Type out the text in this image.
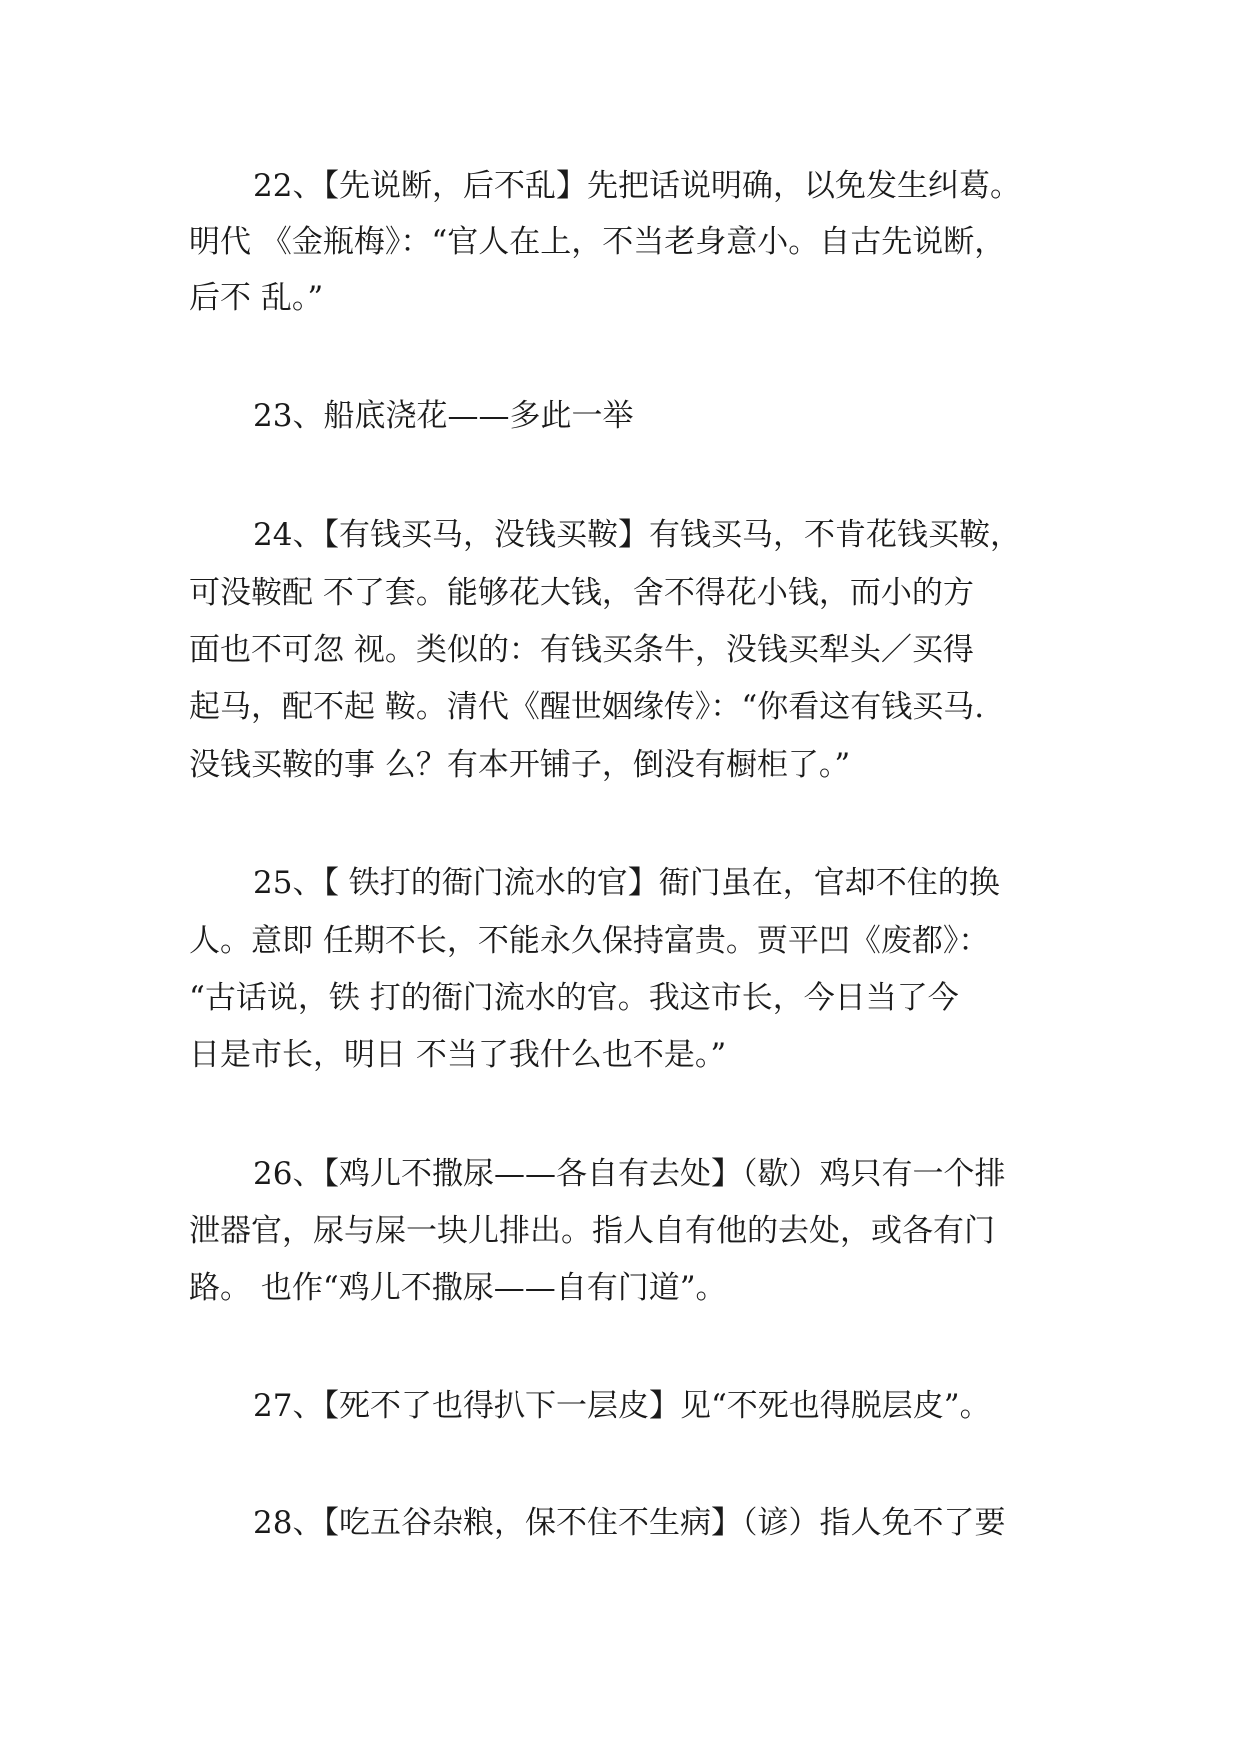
22、【先说断，后不乱】先把话说明确，以免发生纠葛。
明代 《金瓶梅》：“官人在上，不当老身意小。自古先说断，
后不 乱。”
23、船底浇花——多此一举
24、【有钱买马，没钱买鞍】有钱买马，不肯花钱买鞍，
可没鞍配 不了套。能够花大钱，舍不得花小钱，而小的方
面也不可忽 视。类似的：有钱买条牛，没钱买犁头／买得
起马，配不起 鞍。清代《醒世姻缘传》：“你看这有钱买马.
没钱买鞍的事 么？有本开铺子，倒没有橱柜了。”
25、【 铁打的衙门流水的官】衙门虽在，官却不住的换
人。意即 任期不长，不能永久保持富贵。贾平凹《废都》：
“古话说，铁 打的衙门流水的官。我这市长，今日当了今
日是市长，明日 不当了我什么也不是。”
26、【鸡儿不撒尿——各自有去处】（歇）鸡只有一个排
泄器官，尿与屎一块儿排出。指人自有他的去处，或各有门
路。 也作“鸡儿不撒尿——自有门道”。
27、【死不了也得扒下一层皮】见“不死也得脱层皮”。
28、【吃五谷杂粮，保不住不生病】（谚）指人免不了要
